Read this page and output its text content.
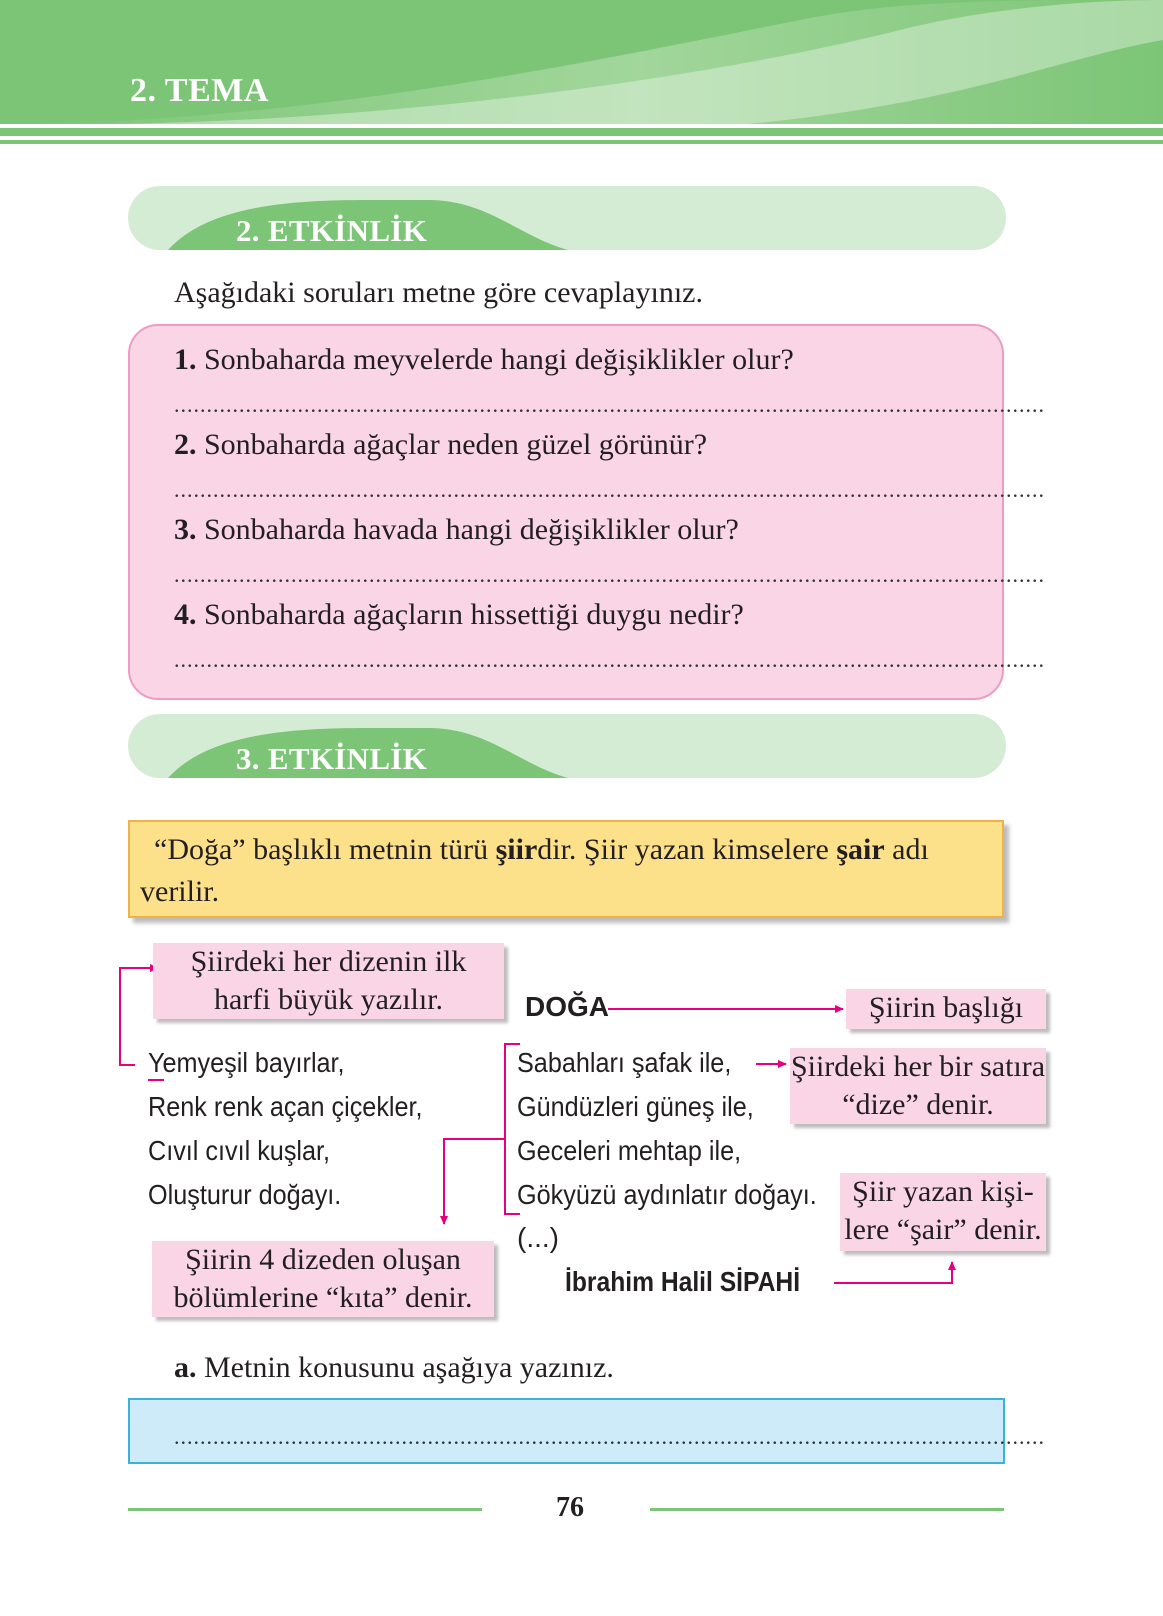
2. TEMA
2. ETKİNLİK
Aşağıdaki soruları metne göre cevaplayınız.
1. Sonbaharda meyvelerde hangi değişiklikler olur?
......................................................................................................................................
2. Sonbaharda ağaçlar neden güzel görünür?
......................................................................................................................................
3. Sonbaharda havada hangi değişiklikler olur?
......................................................................................................................................
4. Sonbaharda ağaçların hissettiği duygu nedir?
......................................................................................................................................
3. ETKİNLİK
“Doğa” başlıklı metnin türü şiirdir. Şiir yazan kimselere şair adı verilir.
Şiirdeki her dizenin ilk
harfi büyük yazılır.	Şiirin başlığı
Şiirdeki her bir satıra
“dize” denir.
Şiir yazan kişi-
lere “şair” denir.
Şiirin 4 dizeden oluşan
bölümlerine “kıta” denir.
DOĞA
Yemyeşil bayırlar,
Renk renk açan çiçekler,
Cıvıl cıvıl kuşlar,
Oluşturur doğayı.
Sabahları şafak ile,
Gündüzleri güneş ile,
Geceleri mehtap ile,
Gökyüzü aydınlatır doğayı.
(...)
İbrahim Halil SİPAHİ
a. Metnin konusunu aşağıya yazınız.
......................................................................................................................................
76
